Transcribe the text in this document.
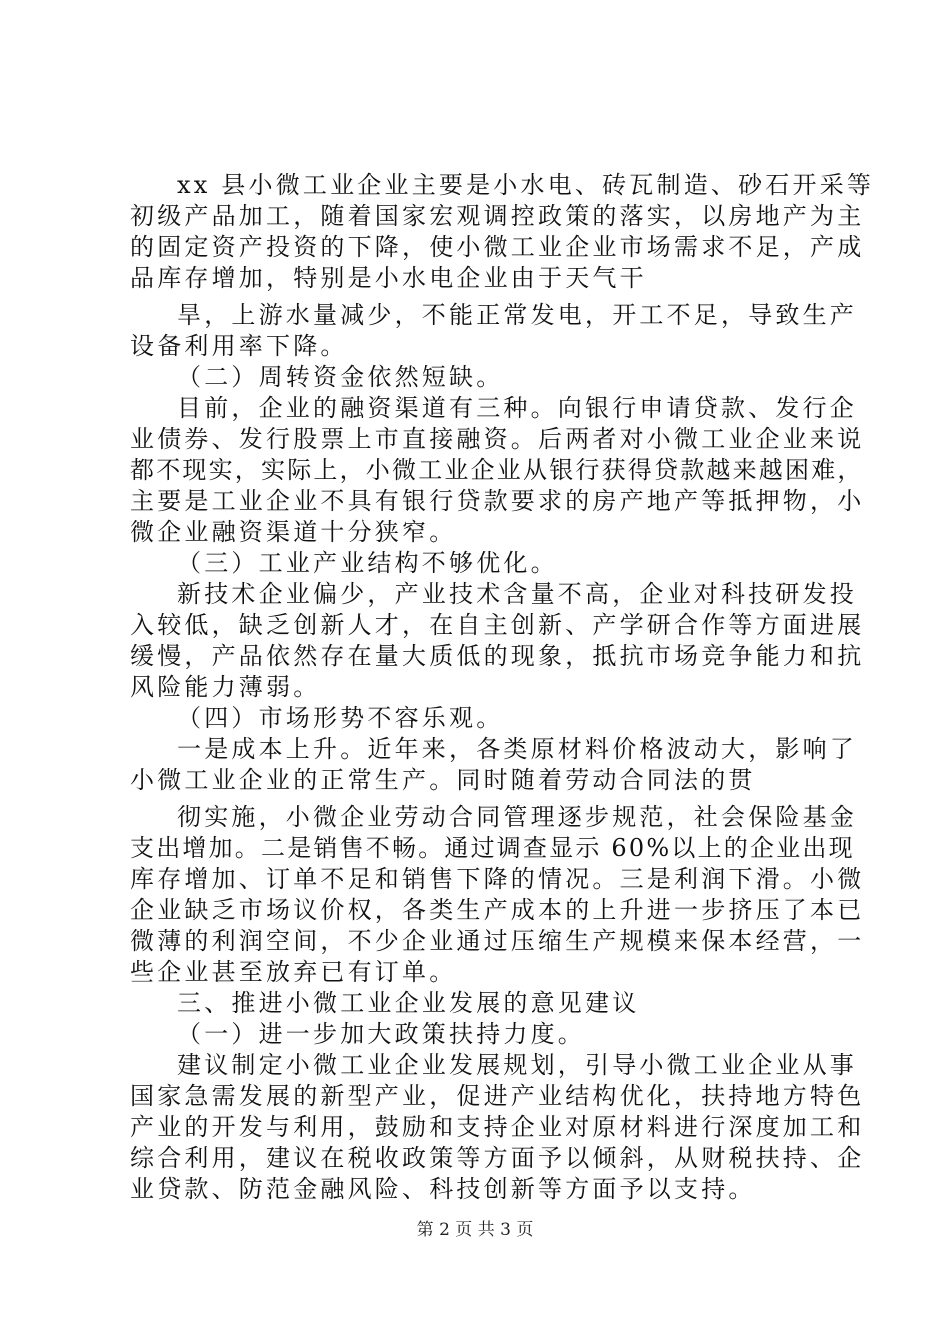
xx 县小微工业企业主要是小水电、砖瓦制造、砂石开采等
初级产品加工，随着国家宏观调控政策的落实，以房地产为主
的固定资产投资的下降，使小微工业企业市场需求不足，产成
品库存增加，特别是小水电企业由于天气干
旱，上游水量减少，不能正常发电，开工不足，导致生产
设备利用率下降。
（二）周转资金依然短缺。
目前，企业的融资渠道有三种。向银行申请贷款、发行企
业债券、发行股票上市直接融资。后两者对小微工业企业来说
都不现实，实际上，小微工业企业从银行获得贷款越来越困难，
主要是工业企业不具有银行贷款要求的房产地产等抵押物，小
微企业融资渠道十分狭窄。
（三）工业产业结构不够优化。
新技术企业偏少，产业技术含量不高，企业对科技研发投
入较低，缺乏创新人才，在自主创新、产学研合作等方面进展
缓慢，产品依然存在量大质低的现象，抵抗市场竞争能力和抗
风险能力薄弱。
（四）市场形势不容乐观。
一是成本上升。近年来，各类原材料价格波动大，影响了
小微工业企业的正常生产。同时随着劳动合同法的贯
彻实施，小微企业劳动合同管理逐步规范，社会保险基金
支出增加。二是销售不畅。通过调查显示 60%以上的企业出现
库存增加、订单不足和销售下降的情况。三是利润下滑。小微
企业缺乏市场议价权，各类生产成本的上升进一步挤压了本已
微薄的利润空间，不少企业通过压缩生产规模来保本经营，一
些企业甚至放弃已有订单。
三、推进小微工业企业发展的意见建议
（一）进一步加大政策扶持力度。
建议制定小微工业企业发展规划，引导小微工业企业从事
国家急需发展的新型产业，促进产业结构优化，扶持地方特色
产业的开发与利用，鼓励和支持企业对原材料进行深度加工和
综合利用，建议在税收政策等方面予以倾斜，从财税扶持、企
业贷款、防范金融风险、科技创新等方面予以支持。
第 2 页 共 3 页
